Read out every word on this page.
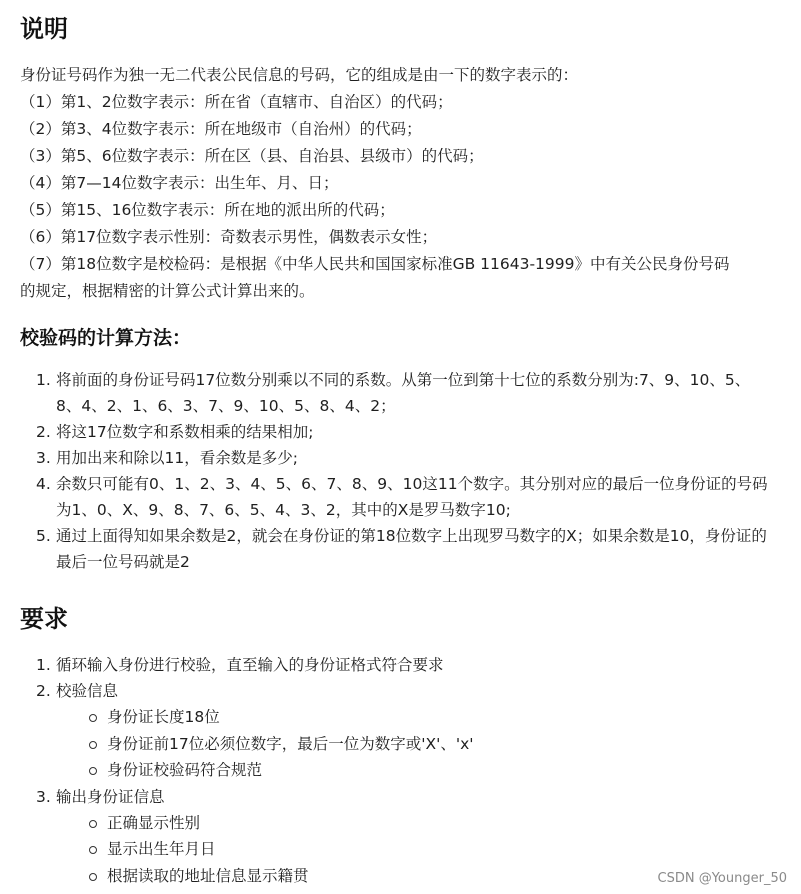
说明
身份证号码作为独一无二代表公民信息的号码，它的组成是由一下的数字表示的：
（1）第1、2位数字表示：所在省（直辖市、自治区）的代码；
（2）第3、4位数字表示：所在地级市（自治州）的代码；
（3）第5、6位数字表示：所在区（县、自治县、县级市）的代码；
（4）第7—14位数字表示：出生年、月、日；
（5）第15、16位数字表示：所在地的派出所的代码；
（6）第17位数字表示性别：奇数表示男性，偶数表示女性；
（7）第18位数字是校检码：是根据《中华人民共和国国家标准GB 11643-1999》中有关公民身份号码
的规定，根据精密的计算公式计算出来的。
校验码的计算方法：
1. 将前面的身份证号码17位数分别乘以不同的系数。从第一位到第十七位的系数分别为:7、9、10、5、8、4、2、1、6、3、7、9、10、5、8、4、2；
2. 将这17位数字和系数相乘的结果相加;
3. 用加出来和除以11，看余数是多少;
4. 余数只可能有0、1、2、3、4、5、6、7、8、9、10这11个数字。其分别对应的最后一位身份证的号码为1、0、X、9、8、7、6、5、4、3、2，其中的X是罗马数字10;
5. 通过上面得知如果余数是2，就会在身份证的第18位数字上出现罗马数字的Ⅹ；如果余数是10，身份证的最后一位号码就是2
要求
1. 循环输入身份进行校验，直至输入的身份证格式符合要求
2. 校验信息
身份证长度18位
身份证前17位必须位数字，最后一位为数字或'X'、'x'
身份证校验码符合规范
3. 输出身份证信息
正确显示性别
显示出生年月日
根据读取的地址信息显示籍贯	CSDN @Younger_50
